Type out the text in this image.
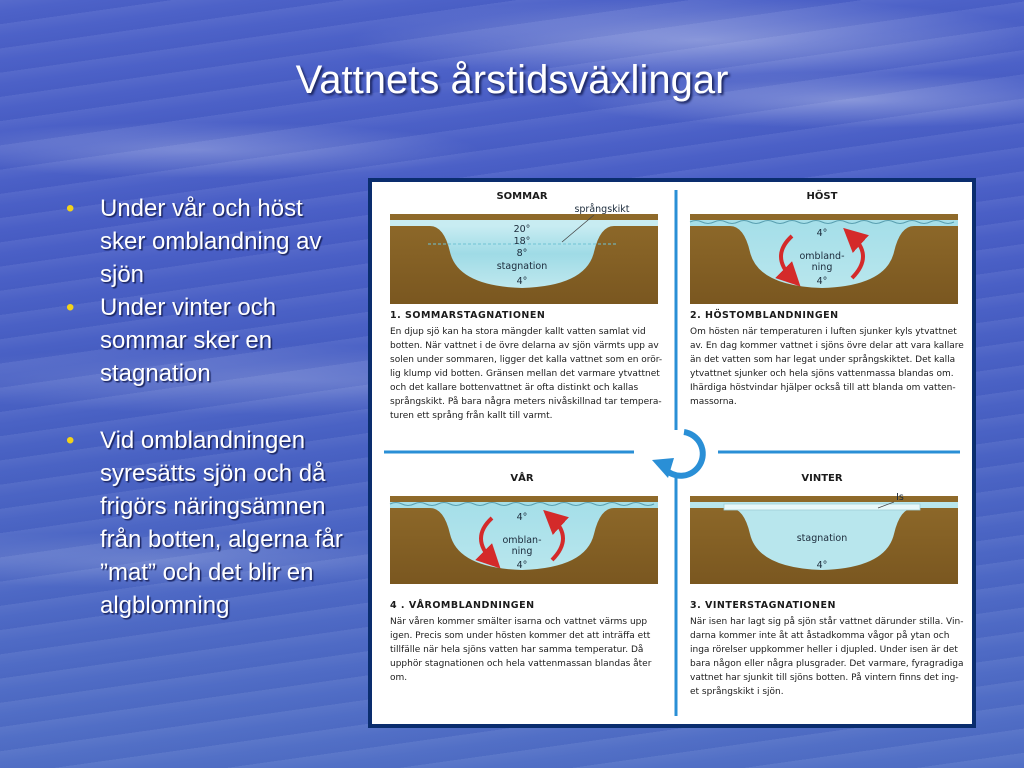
Vattnets årstidsväxlingar
• Under vår och höst sker omblandning av sjön
• Under vinter och sommar sker en stagnation
• Vid omblandningen syresätts sjön och då frigörs näringsämnen från botten, algerna får ”mat” och det blir en algblomning
SOMMAR
20°
18°
8°
stagnation
4°
språngskikt
1. SOMMARSTAGNATIONEN
En djup sjö kan ha stora mängder kallt vatten samlat vid
botten. När vattnet i de övre delarna av sjön värmts upp av
solen under sommaren, ligger det kalla vattnet som en orör-
lig klump vid botten. Gränsen mellan det varmare ytvattnet
och det kallare bottenvattnet är ofta distinkt och kallas
språngskikt. På bara några meters nivåskillnad tar tempera-
turen ett språng från kallt till varmt.
HÖST
4°
ombland-
ning
4°
2. HÖSTOMBLANDNINGEN
Om hösten när temperaturen i luften sjunker kyls ytvattnet
av. En dag kommer vattnet i sjöns övre delar att vara kallare
än det vatten som har legat under språngskiktet. Det kalla
ytvattnet sjunker och hela sjöns vattenmassa blandas om.
Ihärdiga höstvindar hjälper också till att blanda om vatten-
massorna.
VÅR
4°
omblan-
ning
4°
4 . VÅROMBLANDNINGEN
När våren kommer smälter isarna och vattnet värms upp
igen. Precis som under hösten kommer det att inträffa ett
tillfälle när hela sjöns vatten har samma temperatur. Då
upphör stagnationen och hela vattenmassan blandas åter
om.
VINTER
Is
stagnation
4°
3. VINTERSTAGNATIONEN
När isen har lagt sig på sjön står vattnet därunder stilla. Vin-
darna kommer inte åt att åstadkomma vågor på ytan och
inga rörelser uppkommer heller i djupled. Under isen är det
bara någon eller några plusgrader. Det varmare, fyragradiga
vattnet har sjunkit till sjöns botten. På vintern finns det ing-
et språngskikt i sjön.
